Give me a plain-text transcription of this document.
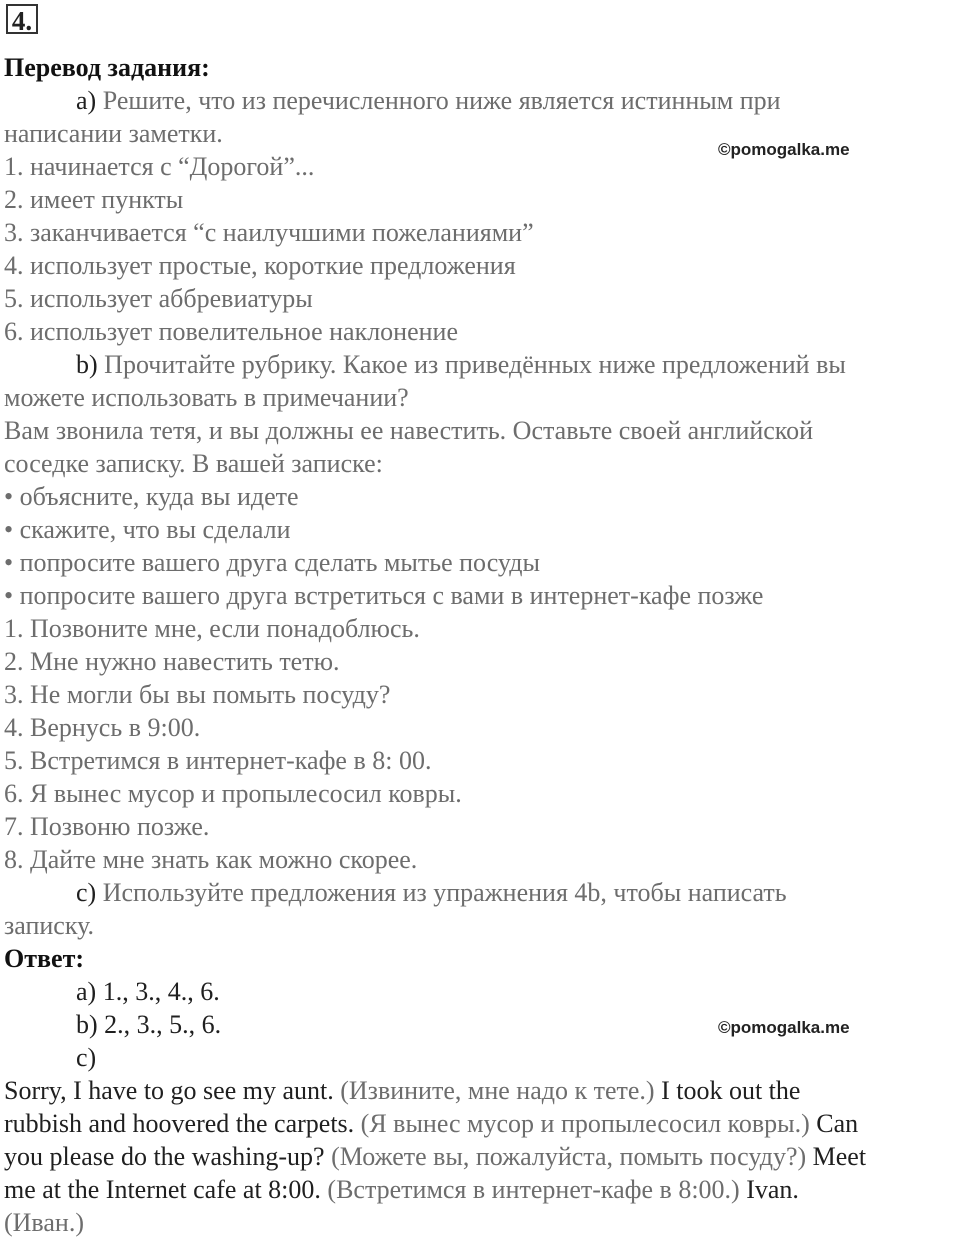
4.
Перевод задания:
a) Решите, что из перечисленного ниже является истинным при
написании заметки.
1. начинается с “Дорогой”...
2. имеет пункты
3. заканчивается “с наилучшими пожеланиями”
4. использует простые, короткие предложения
5. использует аббревиатуры
6. использует повелительное наклонение
b) Прочитайте рубрику. Какое из приведённых ниже предложений вы
можете использовать в примечании?
Вам звонила тетя, и вы должны ее навестить. Оставьте своей английской
соседке записку. В вашей записке:
• объясните, куда вы идете
• скажите, что вы сделали
• попросите вашего друга сделать мытье посуды
• попросите вашего друга встретиться с вами в интернет-кафе позже
1. Позвоните мне, если понадоблюсь.
2. Мне нужно навестить тетю.
3. Не могли бы вы помыть посуду?
4. Вернусь в 9:00.
5. Встретимся в интернет-кафе в 8: 00.
6. Я вынес мусор и пропылесосил ковры.
7. Позвоню позже.
8. Дайте мне знать как можно скорее.
c) Используйте предложения из упражнения 4b, чтобы написать
записку.
Ответ:
a) 1., 3., 4., 6.
b) 2., 3., 5., 6.
c)
Sorry, I have to go see my aunt. (Извините, мне надо к тете.) I took out the
rubbish and hoovered the carpets. (Я вынес мусор и пропылесосил ковры.) Can
you please do the washing-up? (Можете вы, пожалуйста, помыть посуду?) Meet
me at the Internet cafe at 8:00. (Встретимся в интернет-кафе в 8:00.) Ivan.
(Иван.)
©pomogalka.me
©pomogalka.me
